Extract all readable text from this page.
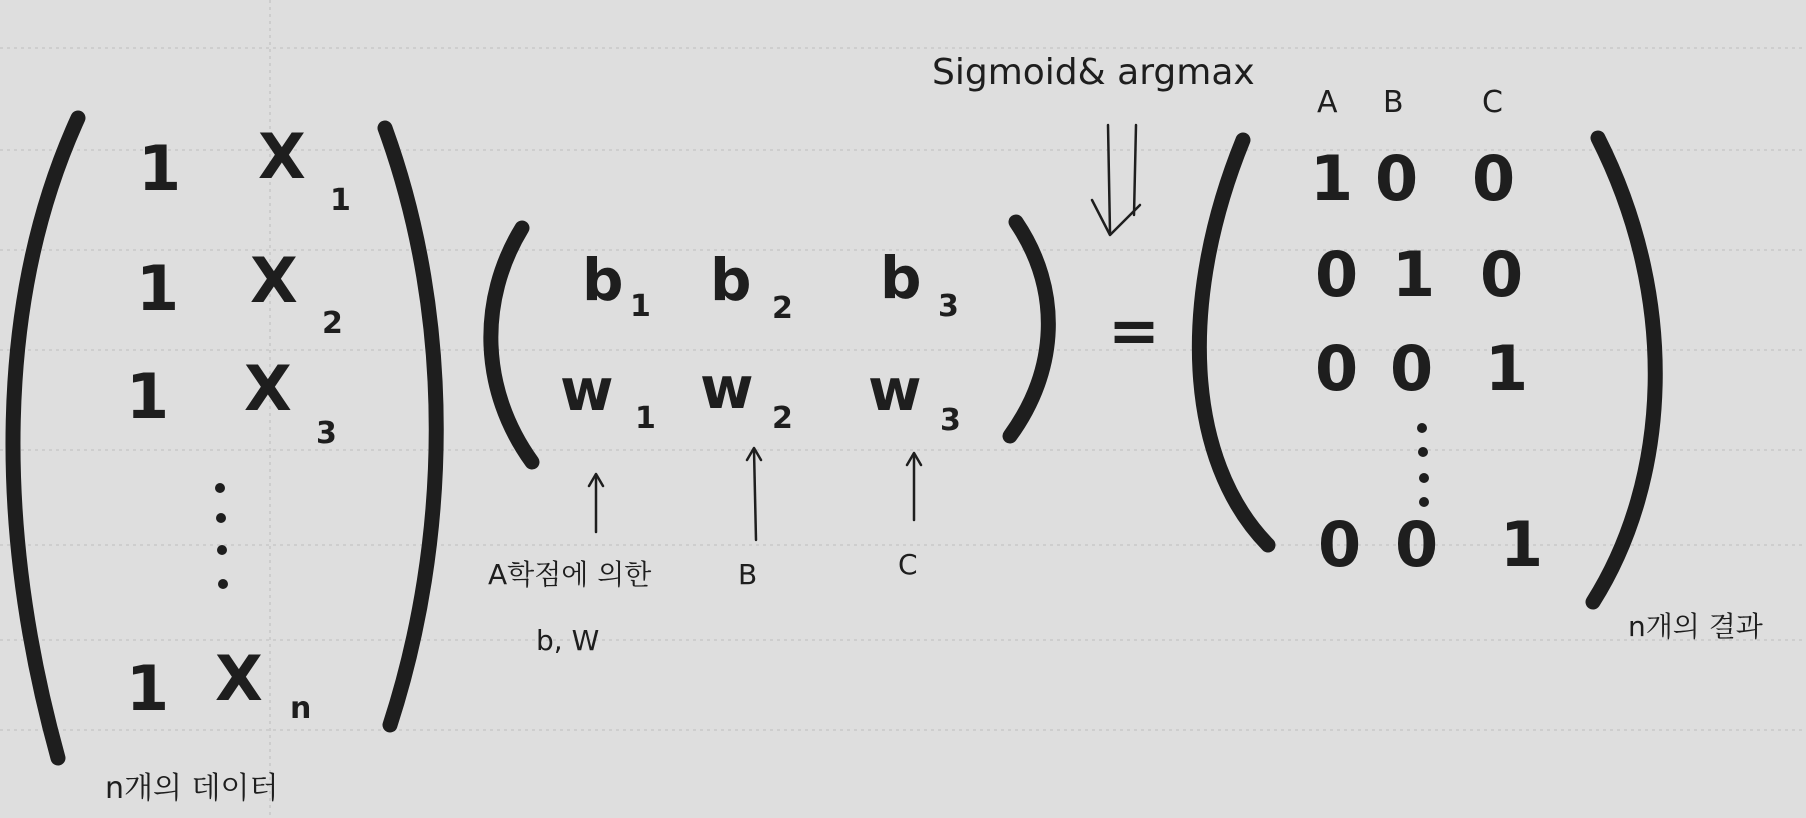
1
1
1
1
X
1
X
2
X
3
X n
n개의 데이터
b 1 b 2 b 3
w 1 w 2 w 3
A학점에 의한
b, W
B	C
=
Sigmoid& argmax
A B	C
1 0 0
0 1 0
0 0 1
0 0 1
n개의 결과
